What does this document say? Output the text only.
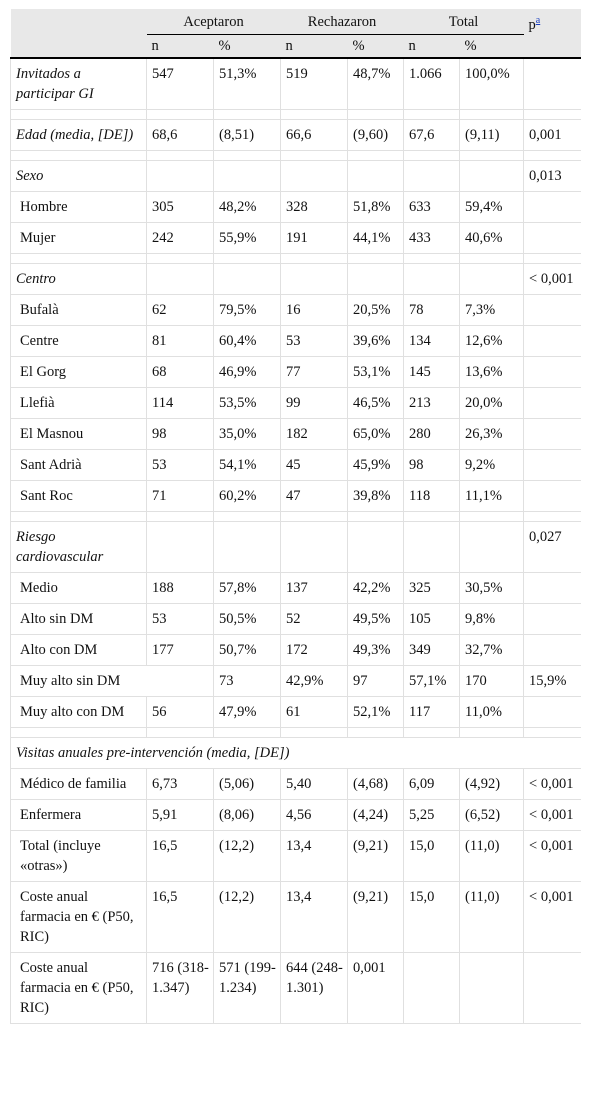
	Aceptaron		Rechazaron		Total		p$^a$
	n	%	n	%	n	%	
Invitados a participar GI	547	51,3%	519	48,7%	1.066	100,0%	

Edad (media, [DE])	68,6	(8,51)	66,6	(9,60)	67,6	(9,11)	0,001

Sexo							0,013
Hombre	305	48,2%	328	51,8%	633	59,4%	
Mujer	242	55,9%	191	44,1%	433	40,6%	

Centro							< 0,001
Bufalà	62	79,5%	16	20,5%	78	7,3%	
Centre	81	60,4%	53	39,6%	134	12,6%	
El Gorg	68	46,9%	77	53,1%	145	13,6%	
Llefià	114	53,5%	99	46,5%	213	20,0%	
El Masnou	98	35,0%	182	65,0%	280	26,3%	
Sant Adrià	53	54,1%	45	45,9%	98	9,2%	
Sant Roc	71	60,2%	47	39,8%	118	11,1%	

Riesgo cardiovascular							0,027
Medio	188	57,8%	137	42,2%	325	30,5%	
Alto sin DM	53	50,5%	52	49,5%	105	9,8%	
Alto con DM	177	50,7%	172	49,3%	349	32,7%	
Muy alto sin DM		73	42,9%	97	57,1%	170	15,9%
Muy alto con DM	56	47,9%	61	52,1%	117	11,0%	

Visitas anuales pre-intervención (media, [DE])							
Médico de familia	6,73	(5,06)	5,40	(4,68)	6,09	(4,92)	< 0,001
Enfermera	5,91	(8,06)	4,56	(4,24)	5,25	(6,52)	< 0,001
Total (incluye «otras»)	16,5	(12,2)	13,4	(9,21)	15,0	(11,0)	< 0,001
Coste anual farmacia en € (P50, RIC)	16,5	(12,2)	13,4	(9,21)	15,0	(11,0)	< 0,001
Coste anual farmacia en € (P50, RIC)	716 (318-1.347)	571 (199-1.234)	644 (248-1.301)	0,001			
